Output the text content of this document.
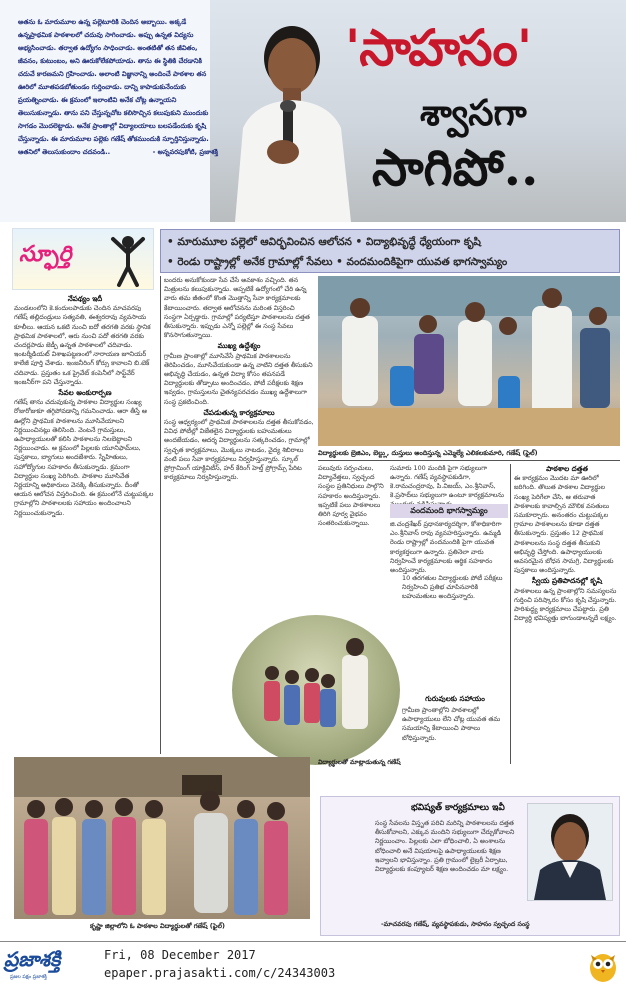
అతను ఓ మారుమూల ఉన్న పల్లెటూరికి చెందిన అబ్బాయి. అక్కడే ఉన్నప్రాథమిక పాఠశాలలో చదువు సాగించాడు. అప్పు ఉన్నత విద్యను అభ్యసించాడు. తర్వాత ఉద్యోగం సాధించాడు. అంతటితో తన జీవితం, జీవనం, కుటుంబం, అని ఊరుకోలేకపోయాడు. తాను ఈ స్థితికి చేరడానికి చదువే కారణమని గ్రహించాడు. అలాంటి విజ్ఞానాన్ని అందించే పాఠశాల తన ఊరిలో మూతపడబోతుండం గుర్తించాడు. దాన్ని కాపాడుకునేందుకు ప్రయత్నించాడు. ఈ క్రమంలో ఇలాంటివి అనేక చోట్ల ఉన్నాయని తెలుసుకున్నాడు. తాను పని చేస్తున్నచోట కలిసొచ్చిన కలుపుకుని ముందుకు సాగడం మొదలెట్టాడు. అనేక ప్రాంతాల్లో విద్యాలయాలు బలపడేందుకు కృషి చేస్తున్నాడు. ఈ మారుమూల పల్లెకు గణేష్ తోకముందుకి స్ఫూర్తినిస్తున్నాడు. ఆతనిలో తెలుసుకుందాం చదవండి..	- అన్నవరపుకోటి, ప్రజాశక్తి
'సాహసం'
శ్వాసగా
సాగిపో..
స్ఫూర్తి	• మారుమూల పల్లెలో ఆవిర్భవించిన ఆలోచన • విద్యాభివృద్ధే ధ్యేయంగా కృషి
• రెండు రాష్ట్రాల్లో అనేక గ్రామాల్లో సేవలు • వందమందికిపైగా యువత భాగస్వామ్యం

నేపథ్యం ఇదీ

మండలంలోని కె.కందులపాడుకు చెందిన మాచవరపు గణేష్ తల్లిదండ్రులు సత్యవతి, ఈశ్వరరావు వ్యవసాయ కూలీలు. ఆయన ఒకటి నుంచి ఐదో తరగతి వరకు స్థానిక ప్రాథమిక పాఠశాలలో, ఆరు నుంచి పదో తరగతి వరకు చందర్లపాడు జెడ్పీ ఉన్నత పాఠశాలలో చదివాడు. ఇంటర్మీడియట్ విశాఖపట్టణంలో నారాయణ జూనియర్ కాలేజీ పూర్తి చేశాడు. ఇంజనీరింగ్ కోర్సు కావాలని బి.టెక్ చదివాడు. ప్రస్తుతం ఒక ప్రైవేట్ కంపెనీలో సాఫ్ట్‌వేర్ ఇంజనీర్‌గా పని చేస్తున్నాడు.

సేవల అంకురార్పణ

గణేష్ తాను చదువుకున్న పాఠశాల విద్యార్థుల సంఖ్య రోజురోజుకూ తగ్గిపోవడాన్ని గమనించాడు. ఆరా తీస్తే ఆ ఊర్లోని ప్రాథమిక పాఠశాలను మూసివేయాలని నిర్ణయించినట్లు తెలిసింది. వెంటనే గ్రామస్తులు, ఉపాధ్యాయులతో కలిసి పాఠశాలను నిలబెట్టాలని నిర్ణయించాడు. ఆ క్రమంలో పిల్లలకు యూనిఫామ్‌లు, పుస్తకాలు, బ్యాగులు అందజేశారు. స్నేహితులు, సహోద్యోగుల సహకారం తీసుకున్నాడు. క్రమంగా విద్యార్థుల సంఖ్య పెరిగింది. పాఠశాల మూసివేత నిర్ణయాన్ని అధికారులు వెనక్కి తీసుకున్నారు. దీంతో ఆయన ఆలోచన విస్తరించింది. ఈ క్రమంలోనే చుట్టుపక్కల గ్రామాల్లోని పాఠశాలలకు సహాయం అందించాలని నిర్ణయించుకున్నాడు.

బందరు అనుకోకుండా సేవ చేసే అవకాశం వచ్చింది. తన మిత్రులను కలుపుకున్నాడు. అప్పటికే ఉద్యోగంలో చేరి ఉన్న వారు తమ జీతంలో కొంత మొత్తాన్ని సేవా కార్యక్రమాలకు కేటాయించారు. తర్వాత ఆలోచనను మరింత విస్తరించి సంస్థగా ఏర్పడ్డారు. గ్రామాల్లో పర్యటిస్తూ పాఠశాలలను దత్తత తీసుకున్నారు. ఇప్పుడు ఎన్నో పల్లెల్లో ఈ సంస్థ సేవలు కొనసాగుతున్నాయి.

ముఖ్య ఉద్దేశ్యం

గ్రామీణ ప్రాంతాల్లో మూసివేసే ప్రాథమిక పాఠశాలలను తెరిపించడం, మూసివేయకుండా ఉన్న వాటిని దత్తత తీసుకుని అభివృద్ధి చేయడం, ఉన్నత విద్యా కోసం తపనపడే విద్యార్థులకు తోడ్పాటు అందించడం, పోటీ పరీక్షలకు శిక్షణ ఇవ్వడం, గ్రామస్తులను చైతన్యపరచడం ముఖ్య ఉద్దేశాలుగా సంస్థ ప్రకటించింది.

చేపడుతున్న కార్యక్రమాలు

సంస్థ ఆధ్వర్యంలో ప్రాథమిక పాఠశాలలను దత్తత తీసుకోవడం, వివిధ పోటీల్లో విజేతలైన విద్యార్థులకు బహుమతులు అందజేయడం, ఆదర్శ విద్యార్థులను సత్కరించడం, గ్రామాల్లో స్వచ్ఛత కార్యక్రమాలు, మొక్కలు నాటడం, వైద్య శిబిరాలు వంటి పలు సేవా కార్యక్రమాలు నిర్వహిస్తున్నారు. స్కూల్ ప్రోగ్రామింగ్ యాక్టివిటీస్, హర్ కేరింగ్ హెల్త్ ప్రోగ్రామ్స్ పేరిట కార్యక్రమాలు నిర్వహిస్తున్నారు.

విద్యార్థులకు బ్రెజిఎం, బెల్ట్లు, దుస్తులు అందిస్తున్న ఎమ్మెల్యే ఎలికలకుమారి, గణేష్ (ఫైల్)

పలువురు సర్పంచులు, విద్యావేత్తలు, స్వచ్ఛంద సంస్థల ప్రతినిధులు పాల్గొని సహకారం అందిస్తున్నారు. ఇప్పటికే పలు పాఠశాలలు తిరిగి పూర్వ వైభవం సంతరించుకున్నాయి.

సుమారు 100 మందికి పైగా సభ్యులుగా ఉన్నారు. గణేష్ వ్యవస్థాపకుడిగా, కె.రామచంద్రరావు, పి.విజయ్, ఎం.శ్రీనివాస్, కె.ప్రసాద్‌లు సభ్యులుగా ఉంటూ కార్యక్రమాలను
వందమంది భాగస్వామ్యం
జి.చంద్రశేఖర్ ప్రధానకార్యదర్శిగా, కోశాధికారిగా ఎం.శ్రీనివాస్ రావు వ్యవహరిస్తున్నారు. ఉమ్మడి రెండు రాష్ట్రాల్లో వందమందికి పైగా యువత కార్యకర్తలుగా ఉన్నారు. ప్రతినెలా వారు నిర్వహించే కార్యక్రమాలకు ఆర్థిక సహకారం అందిస్తున్నారు.
విద్యార్థులతో మాట్లాడుతున్న గణేష్
10 తరగతుల విద్యార్థులకు పోటీ పరీక్షలు నిర్వహించి ప్రతిభ చూపినవారికి బహుమతులు అందిస్తున్నారు.
గురువులకు సహాయం
గ్రామీణ ప్రాంతాల్లోని పాఠశాలల్లో ఉపాధ్యాయులు లేని చోట్ల యువత తమ సమయాన్ని కేటాయించి పాఠాలు బోధిస్తున్నారు.

పాఠశాల దత్తత

ఈ కార్యక్రమం మొదట మా ఊరిలో జరిగింది. తొలుత పాఠశాల విద్యార్థుల సంఖ్య పెరిగేలా చేసి, ఆ తరువాత పాఠశాలకు కావాల్సిన మౌలిక వసతులు సమకూర్చారు. అనంతరం చుట్టుపక్కల గ్రామాల పాఠశాలలను కూడా దత్తత తీసుకున్నారు. ప్రస్తుతం 12 ప్రాథమిక పాఠశాలలను సంస్థ దత్తత తీసుకుని అభివృద్ధి చేస్తోంది. ఉపాధ్యాయులకు అవసరమైన బోధన సామగ్రి, విద్యార్థులకు పుస్తకాలు అందిస్తున్నారు.

స్వీయ ప్రతిపాదనల్లో కృషి

పాఠశాలలు ఉన్న ప్రాంతాల్లోని సమస్యలను గుర్తించి పరిష్కారం కోసం కృషి చేస్తున్నారు. పారిశుద్ధ్య కార్యక్రమాలు చేపట్టారు. ప్రతి విద్యార్థి భవిష్యత్తు బాగుండాలన్నదే లక్ష్యం.

కృష్ణా జిల్లాలోని ఓ పాఠశాల విద్యార్థులతో గణేష్ (ఫైల్)
భవిష్యత్ కార్యక్రమాలు ఇవీ
సంస్థ సేవలను విస్తృత పరిచి మరిన్ని పాఠశాలలను దత్తత తీసుకోవాలని, ఎక్కువ మందిని సభ్యులుగా చేర్చుకోవాలని నిర్ణయించాం. పిల్లలకు ఎలా బోధించాలి, ఏ అంశాలను బోధించాలి అనే విషయాలపై ఉపాధ్యాయులకు శిక్షణ ఇవ్వాలని భావిస్తున్నాం. ప్రతి గ్రామంలో లైబ్రరీ ఏర్పాటు, విద్యార్థులకు కంప్యూటర్ శిక్షణ అందించడం మా లక్ష్యం.
-మాచవరపు గణేష్, వ్యవస్థాపకుడు, సాహసం స్వచ్ఛంద సంస్థ
ప్రజాశక్తి
ప్రజల పక్షం ప్రజాశక్తి
Fri, 08 December 2017
epaper.prajasakti.com/c/24343003
